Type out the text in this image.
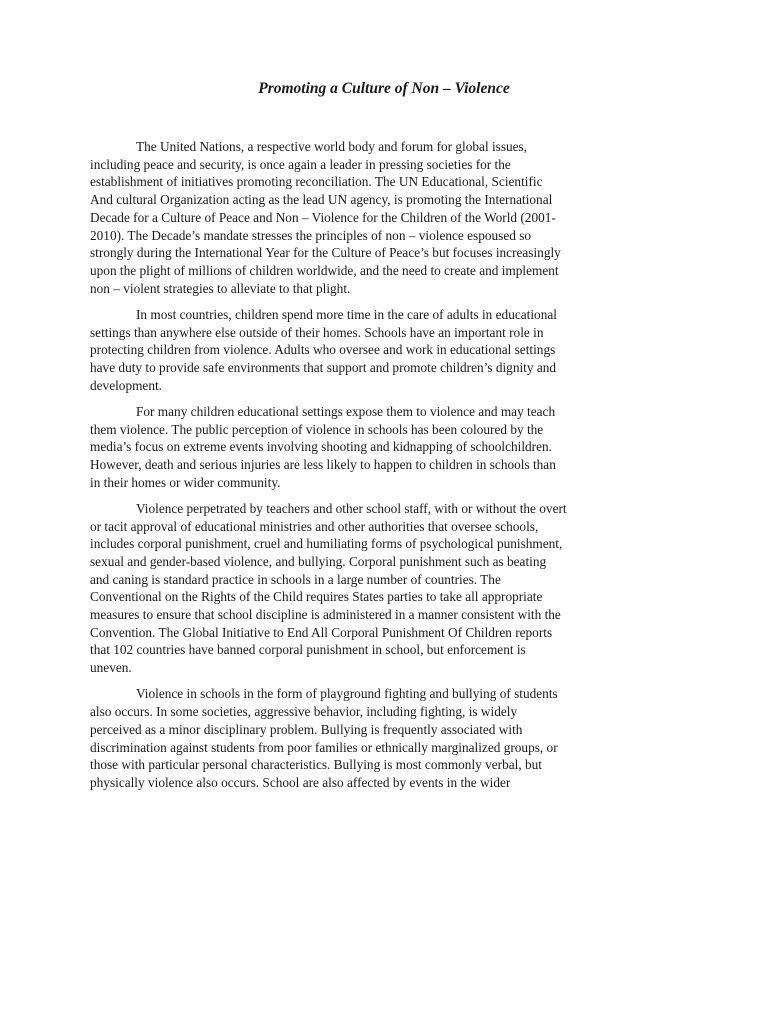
Promoting a Culture of Non – Violence

The United Nations, a respective world body and forum for global issues,
including peace and security, is once again a leader in pressing societies for the
establishment of initiatives promoting reconciliation. The UN Educational, Scientific
And cultural Organization acting as the lead UN agency, is promoting the International
Decade for a Culture of Peace and Non – Violence for the Children of the World (2001-
2010). The Decade’s mandate stresses the principles of non – violence espoused so
strongly during the International Year for the Culture of Peace’s but focuses increasingly
upon the plight of millions of children worldwide, and the need to create and implement
non – violent strategies to alleviate to that plight.

In most countries, children spend more time in the care of adults in educational
settings than anywhere else outside of their homes. Schools have an important role in
protecting children from violence. Adults who oversee and work in educational settings
have duty to provide safe environments that support and promote children’s dignity and
development.

For many children educational settings expose them to violence and may teach
them violence. The public perception of violence in schools has been coloured by the
media’s focus on extreme events involving shooting and kidnapping of schoolchildren.
However, death and serious injuries are less likely to happen to children in schools than
in their homes or wider community.

Violence perpetrated by teachers and other school staff, with or without the overt
or tacit approval of educational ministries and other authorities that oversee schools,
includes corporal punishment, cruel and humiliating forms of psychological punishment,
sexual and gender-based violence, and bullying. Corporal punishment such as beating
and caning is standard practice in schools in a large number of countries. The
Conventional on the Rights of the Child requires States parties to take all appropriate
measures to ensure that school discipline is administered in a manner consistent with the
Convention. The Global Initiative to End All Corporal Punishment Of Children reports
that 102 countries have banned corporal punishment in school, but enforcement is
uneven.

Violence in schools in the form of playground fighting and bullying of students
also occurs. In some societies, aggressive behavior, including fighting, is widely
perceived as a minor disciplinary problem. Bullying is frequently associated with
discrimination against students from poor families or ethnically marginalized groups, or
those with particular personal characteristics. Bullying is most commonly verbal, but
physically violence also occurs. School are also affected by events in the wider
